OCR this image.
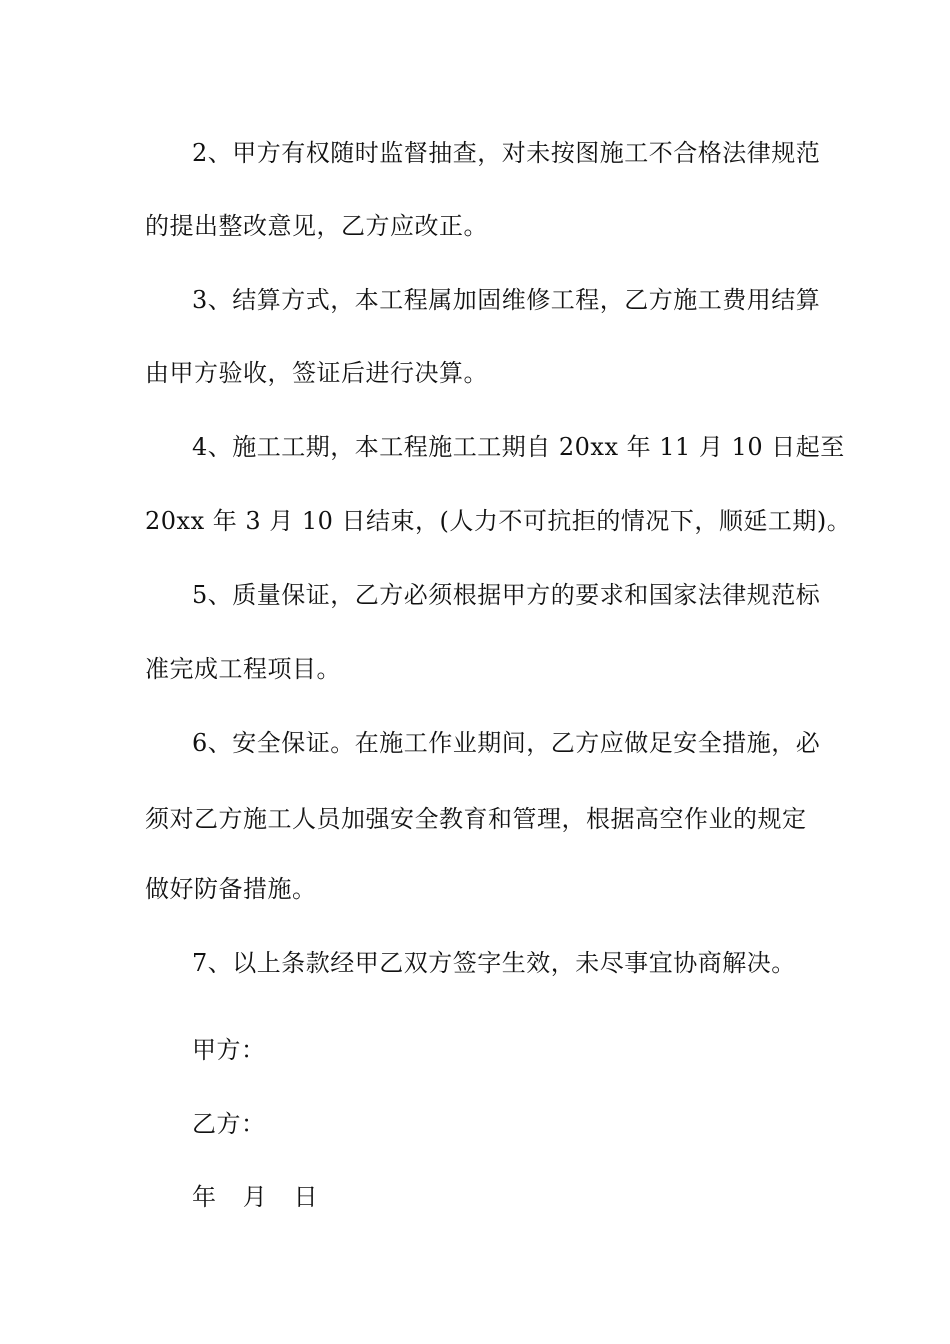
2、甲方有权随时监督抽查，对未按图施工不合格法律规范
的提出整改意见，乙方应改正。
3、结算方式，本工程属加固维修工程，乙方施工费用结算
由甲方验收，签证后进行决算。
4、施工工期，本工程施工工期自 20xx 年 11 月 10 日起至
20xx 年 3 月 10 日结束，(人力不可抗拒的情况下，顺延工期)。
5、质量保证，乙方必须根据甲方的要求和国家法律规范标
准完成工程项目。
6、安全保证。在施工作业期间，乙方应做足安全措施，必
须对乙方施工人员加强安全教育和管理，根据高空作业的规定
做好防备措施。
7、以上条款经甲乙双方签字生效，未尽事宜协商解决。
甲方：
乙方：
年 月 日
